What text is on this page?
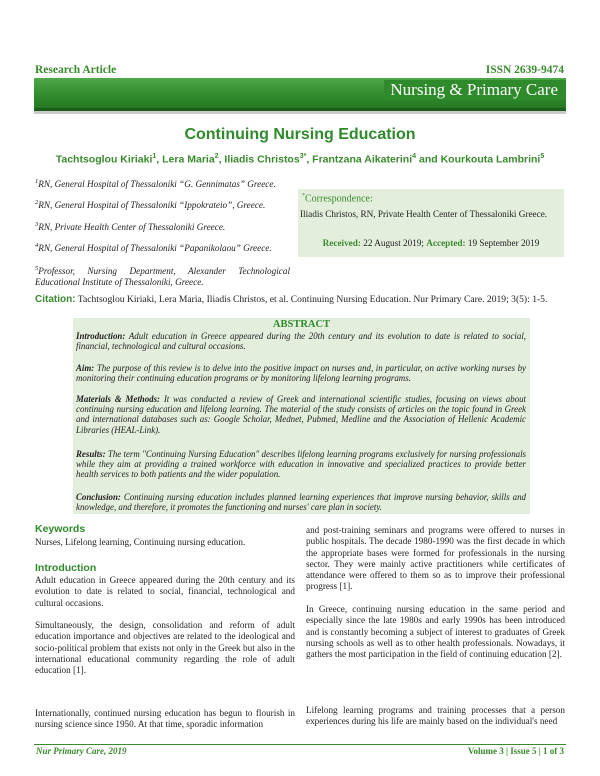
Research Article	ISSN 2639-9474
Nursing & Primary Care
Continuing Nursing Education
Tachtsoglou Kiriaki$^1$, Lera Maria$^2$, Iliadis Christos$^{3*}$, Frantzana Aikaterini$^4$ and Kourkouta Lambrini$^5$
$^1$RN, General Hospital of Thessaloniki “G. Gennimatas” Greece.
$^2$RN, General Hospital of Thessaloniki “Ippokrateio”, Greece.
$^3$RN, Private Health Center of Thessaloniki Greece.
$^4$RN, General Hospital of Thessaloniki “Papanikolaou” Greece.
$^5$Professor, Nursing Department, Alexander Technological Educational Institute of Thessaloniki, Greece.
*Correspondence:
Iliadis Christos, RN, Private Health Center of Thessaloniki Greece.
Received: 22 August 2019; Accepted: 19 September 2019
Citation: Tachtsoglou Kiriaki, Lera Maria, Iliadis Christos, et al. Continuing Nursing Education. Nur Primary Care. 2019; 3(5): 1-5.
ABSTRACT
Introduction: Adult education in Greece appeared during the 20th century and its evolution to date is related to social, financial, technological and cultural occasions.
Aim: The purpose of this review is to delve into the positive impact on nurses and, in particular, on active working nurses by monitoring their continuing education programs or by monitoring lifelong learning programs.
Materials & Methods: It was conducted a review of Greek and international scientific studies, focusing on views about continuing nursing education and lifelong learning. The material of the study consists of articles on the topic found in Greek and international databases such as: Google Scholar, Mednet, Pubmed, Medline and the Association of Hellenic Academic Libraries (HEAL-Link).
Results: The term "Continuing Nursing Education" describes lifelong learning programs exclusively for nursing professionals while they aim at providing a trained workforce with education in innovative and specialized practices to provide better health services to both patients and the wider population.
Conclusion: Continuing nursing education includes planned learning experiences that improve nursing behavior, skills and knowledge, and therefore, it promotes the functioning and nurses' care plan in society.
Keywords
Nurses, Lifelong learning, Continuing nursing education.
Introduction
Adult education in Greece appeared during the 20th century and its evolution to date is related to social, financial, technological and cultural occasions.
Simultaneously, the design, consolidation and reform of adult education importance and objectives are related to the ideological and socio-political problem that exists not only in the Greek but also in the international educational community regarding the role of adult education [1].
Internationally, continued nursing education has begun to flourish in nursing science since 1950. At that time, sporadic information
and post-training seminars and programs were offered to nurses in public hospitals. The decade 1980-1990 was the first decade in which the appropriate bases were formed for professionals in the nursing sector. They were mainly active practitioners while certificates of attendance were offered to them so as to improve their professional progress [1].
In Greece, continuing nursing education in the same period and especially since the late 1980s and early 1990s has been introduced and is constantly becoming a subject of interest to graduates of Greek nursing schools as well as to other health professionals. Nowadays, it gathers the most participation in the field of continuing education [2].
Lifelong learning programs and training processes that a person experiences during his life are mainly based on the individual's need
Nur Primary Care, 2019	Volume 3 | Issue 5 | 1 of 3
